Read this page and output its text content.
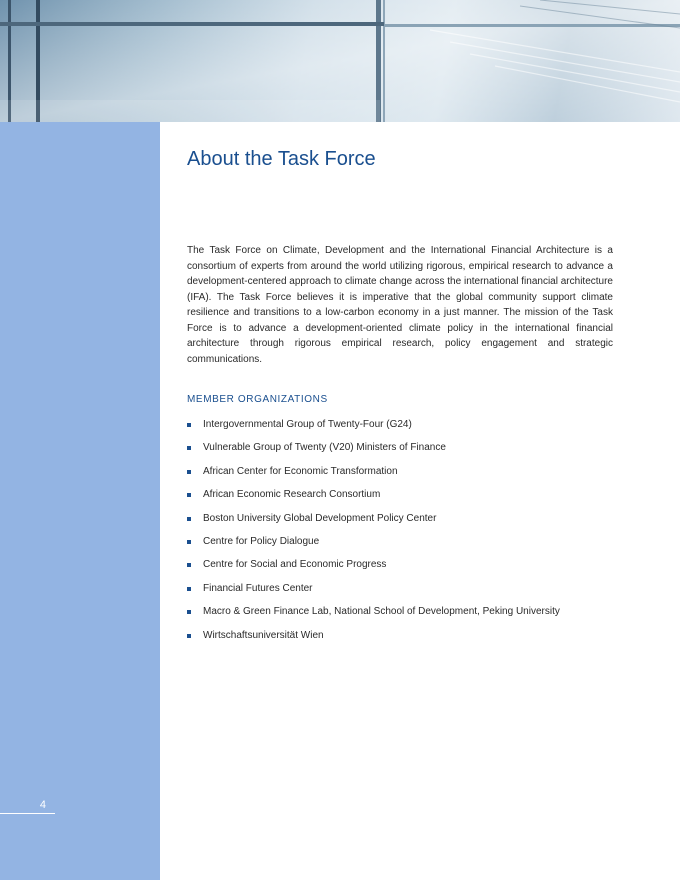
4
About the Task Force

The Task Force on Climate, Development and the International Financial Architecture is a consortium of experts from around the world utilizing rigorous, empirical research to advance a development-centered approach to climate change across the international financial architecture (IFA). The Task Force believes it is imperative that the global community support climate resilience and transitions to a low-carbon economy in a just manner. The mission of the Task Force is to advance a development-oriented climate policy in the international financial architecture through rigorous empirical research, policy engagement and strategic communications.

MEMBER ORGANIZATIONS
Intergovernmental Group of Twenty-Four (G24)
Vulnerable Group of Twenty (V20) Ministers of Finance
African Center for Economic Transformation
African Economic Research Consortium
Boston University Global Development Policy Center
Centre for Policy Dialogue
Centre for Social and Economic Progress
Financial Futures Center
Macro & Green Finance Lab, National School of Development, Peking University
Wirtschaftsuniversität Wien
